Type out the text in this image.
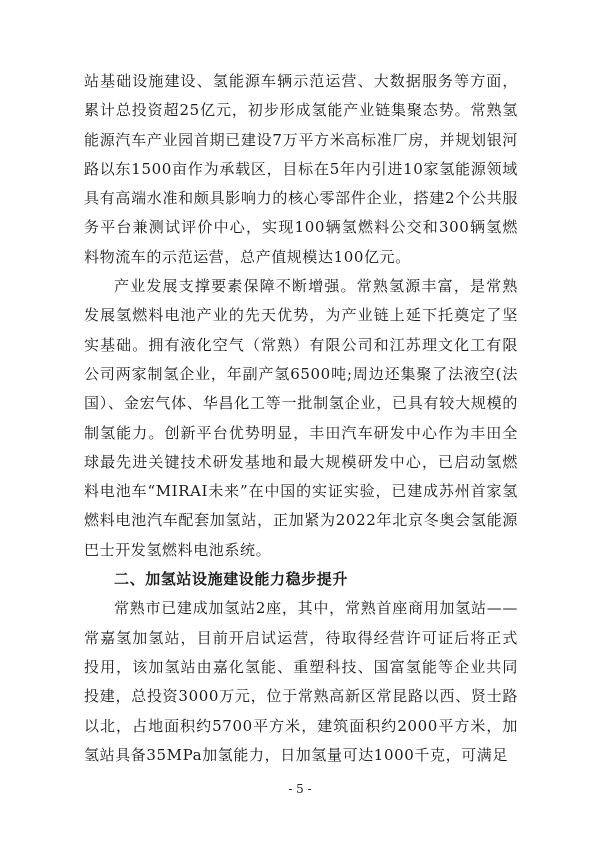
站基础设施建设、氢能源车辆示范运营、大数据服务等方面，累计总投资超25亿元，初步形成氢能产业链集聚态势。常熟氢能源汽车产业园首期已建设7万平方米高标准厂房，并规划银河路以东1500亩作为承载区，目标在5年内引进10家氢能源领域具有高端水准和颇具影响力的核心零部件企业，搭建2个公共服务平台兼测试评价中心，实现100辆氢燃料公交和300辆氢燃料物流车的示范运营，总产值规模达100亿元。

产业发展支撑要素保障不断增强。常熟氢源丰富，是常熟发展氢燃料电池产业的先天优势，为产业链上延下托奠定了坚实基础。拥有液化空气（常熟）有限公司和江苏理文化工有限公司两家制氢企业，年副产氢6500吨;周边还集聚了法液空(法国）、金宏气体、华昌化工等一批制氢企业，已具有较大规模的制氢能力。创新平台优势明显，丰田汽车研发中心作为丰田全球最先进关键技术研发基地和最大规模研发中心，已启动氢燃料电池车“MIRAI未来”在中国的实证实验，已建成苏州首家氢燃料电池汽车配套加氢站，正加紧为2022年北京冬奥会氢能源巴士开发氢燃料电池系统。

二、加氢站设施建设能力稳步提升

常熟市已建成加氢站2座，其中，常熟首座商用加氢站——常嘉氢加氢站，目前开启试运营，待取得经营许可证后将正式投用，该加氢站由嘉化氢能、重塑科技、国富氢能等企业共同投建，总投资3000万元，位于常熟高新区常昆路以西、贤士路以北，占地面积约5700平方米，建筑面积约2000平方米，加氢站具备35MPa加氢能力，日加氢量可达1000千克，可满足

- 5 -
